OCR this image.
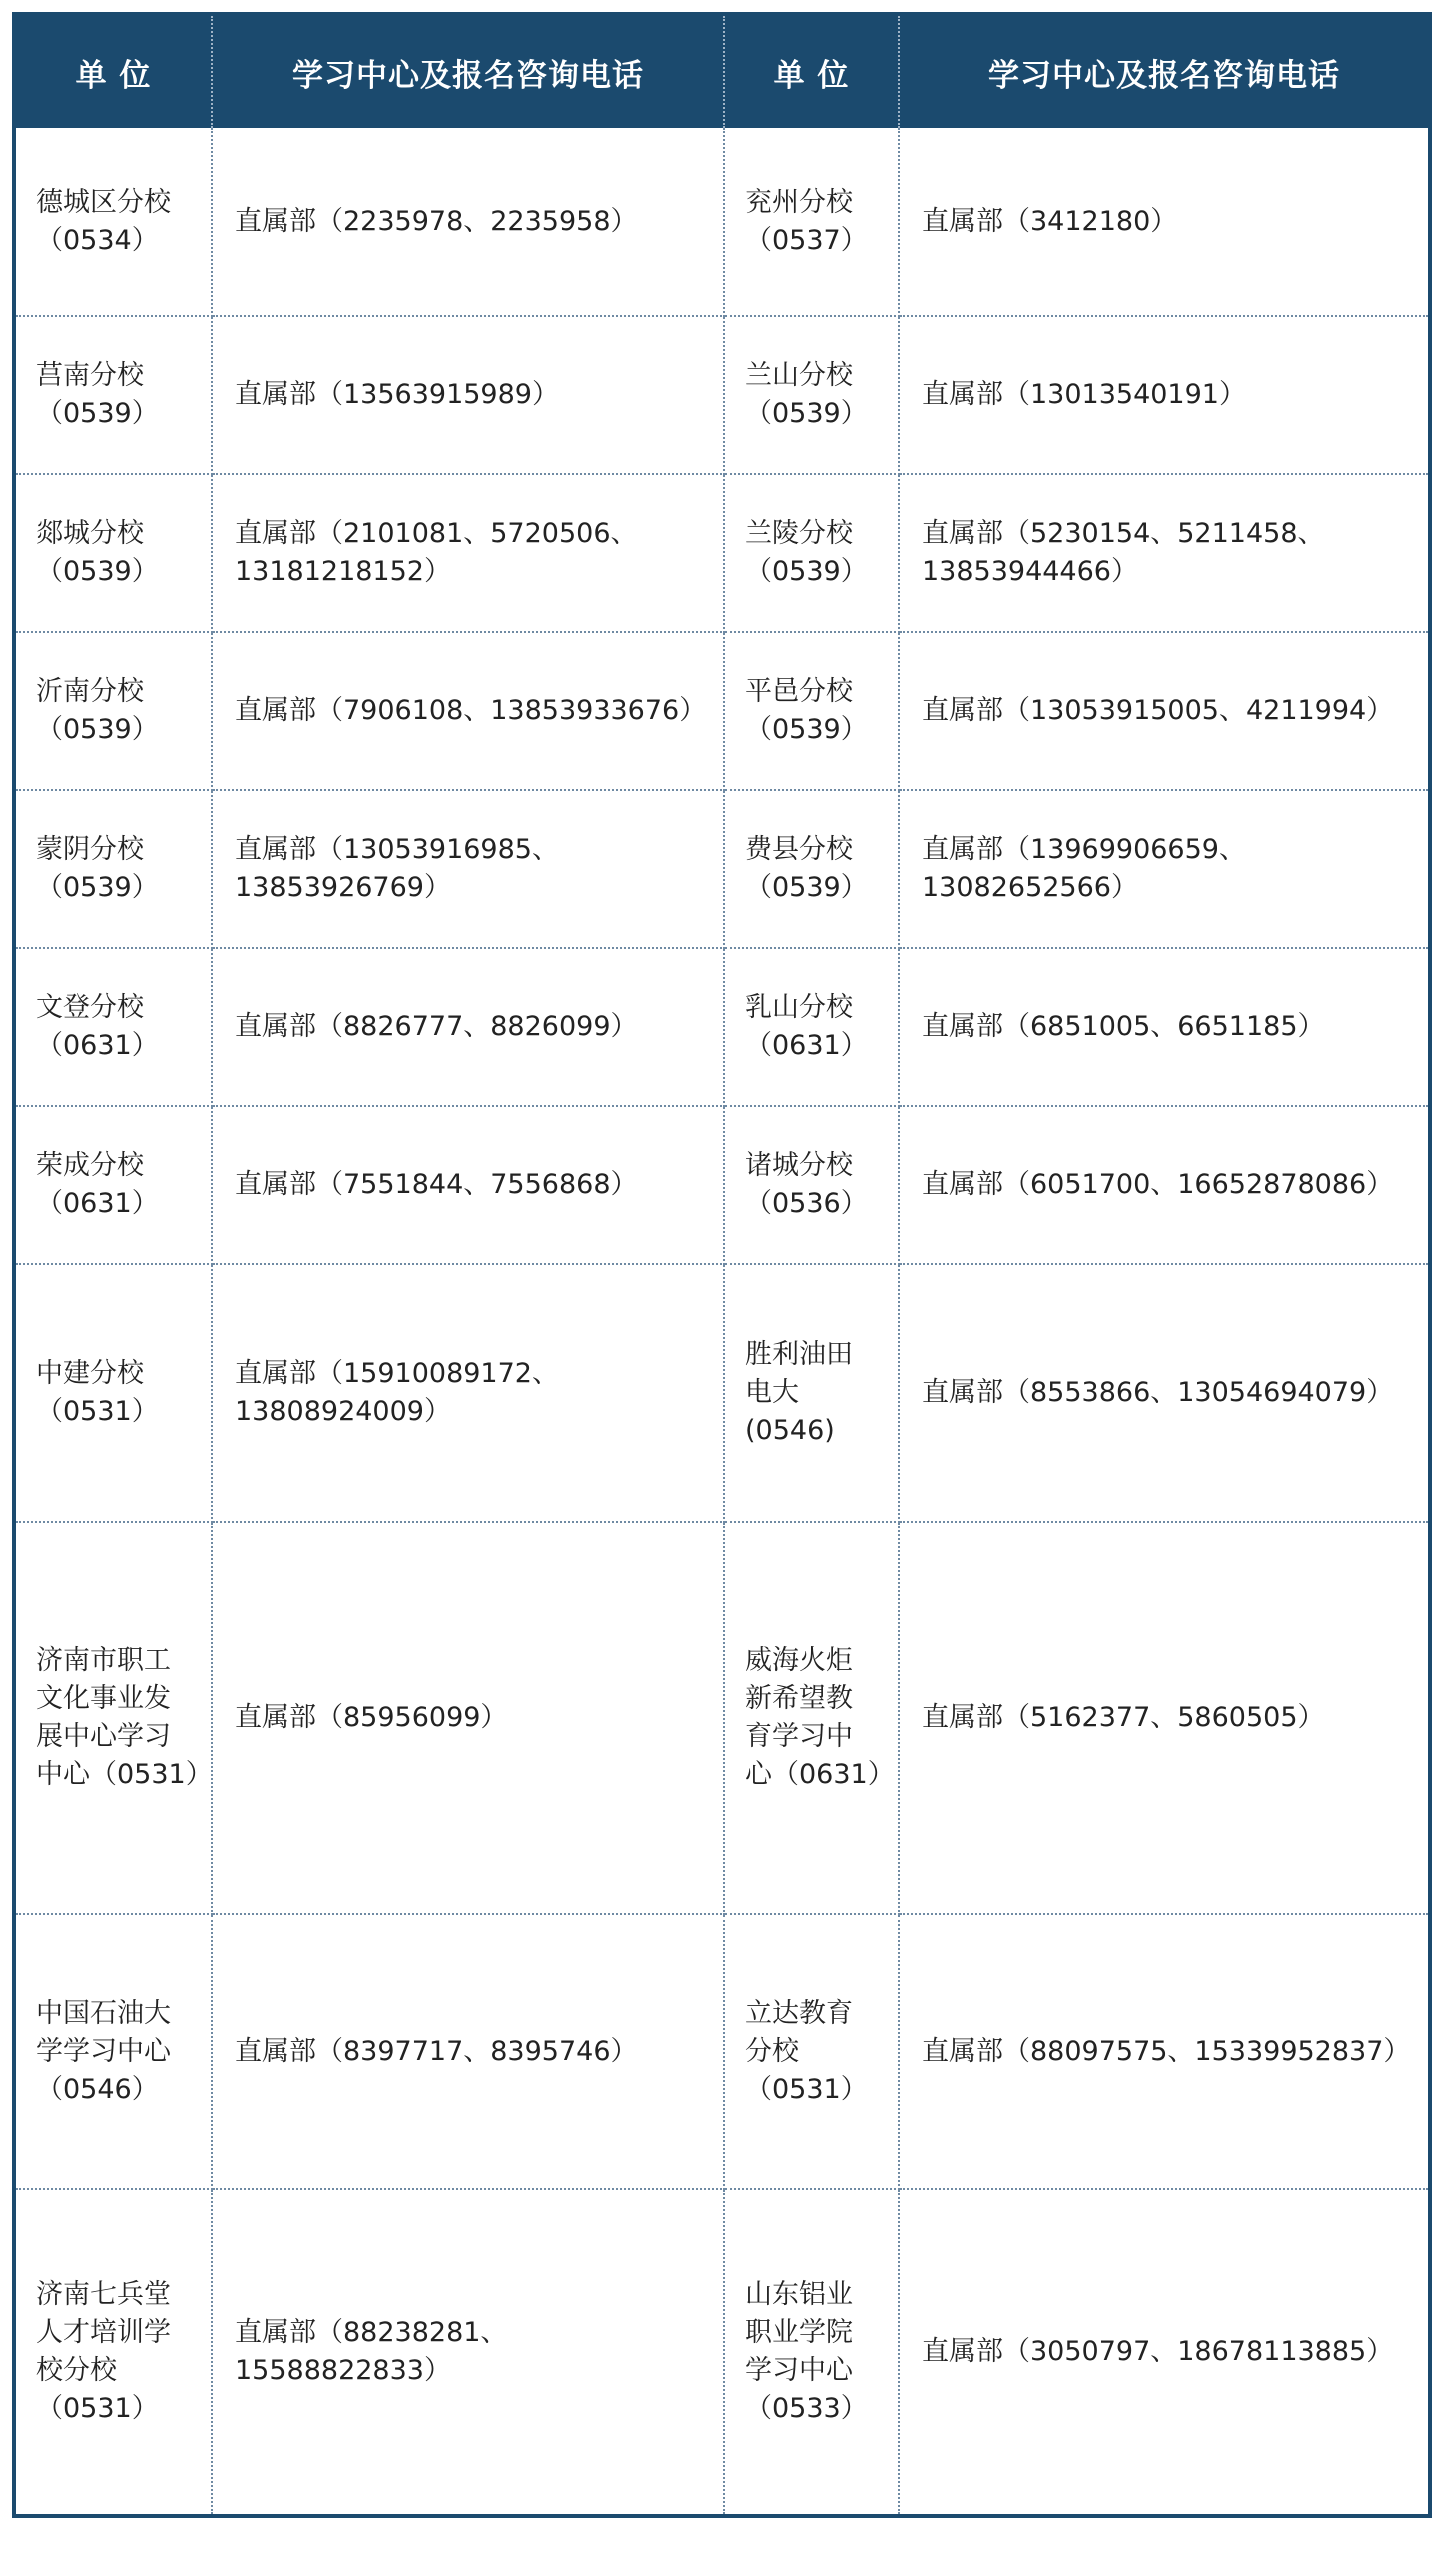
单 位	学习中心及报名咨询电话	单 位	学习中心及报名咨询电话

德城区分校
（0534）	直属部（2235978、2235958）	兖州分校
（0537）	直属部（3412180）

莒南分校
（0539）	直属部（13563915989）	兰山分校
（0539）	直属部（13013540191）

郯城分校
（0539）	直属部（2101081、5720506、
13181218152）	兰陵分校
（0539）	直属部（5230154、5211458、
13853944466）

沂南分校
（0539）	直属部（7906108、13853933676）	平邑分校
（0539）	直属部（13053915005、4211994）

蒙阴分校
（0539）	直属部（13053916985、
13853926769）	费县分校
（0539）	直属部（13969906659、
13082652566）

文登分校
（0631）	直属部（8826777、8826099）	乳山分校
（0631）	直属部（6851005、6651185）

荣成分校
（0631）	直属部（7551844、7556868）	诸城分校
（0536）	直属部（6051700、16652878086）

中建分校
（0531）	直属部（15910089172、
13808924009）	胜利油田
电大
(0546)	直属部（8553866、13054694079）

济南市职工
文化事业发
展中心学习
中心（0531）	直属部（85956099）	威海火炬
新希望教
育学习中
心（0631）	直属部（5162377、5860505）

中国石油大
学学习中心
（0546）	直属部（8397717、8395746）	立达教育
分校
（0531）	直属部（88097575、15339952837）

济南七兵堂
人才培训学
校分校
（0531）	直属部（88238281、
15588822833）	山东铝业
职业学院
学习中心
（0533）	直属部（3050797、18678113885）
